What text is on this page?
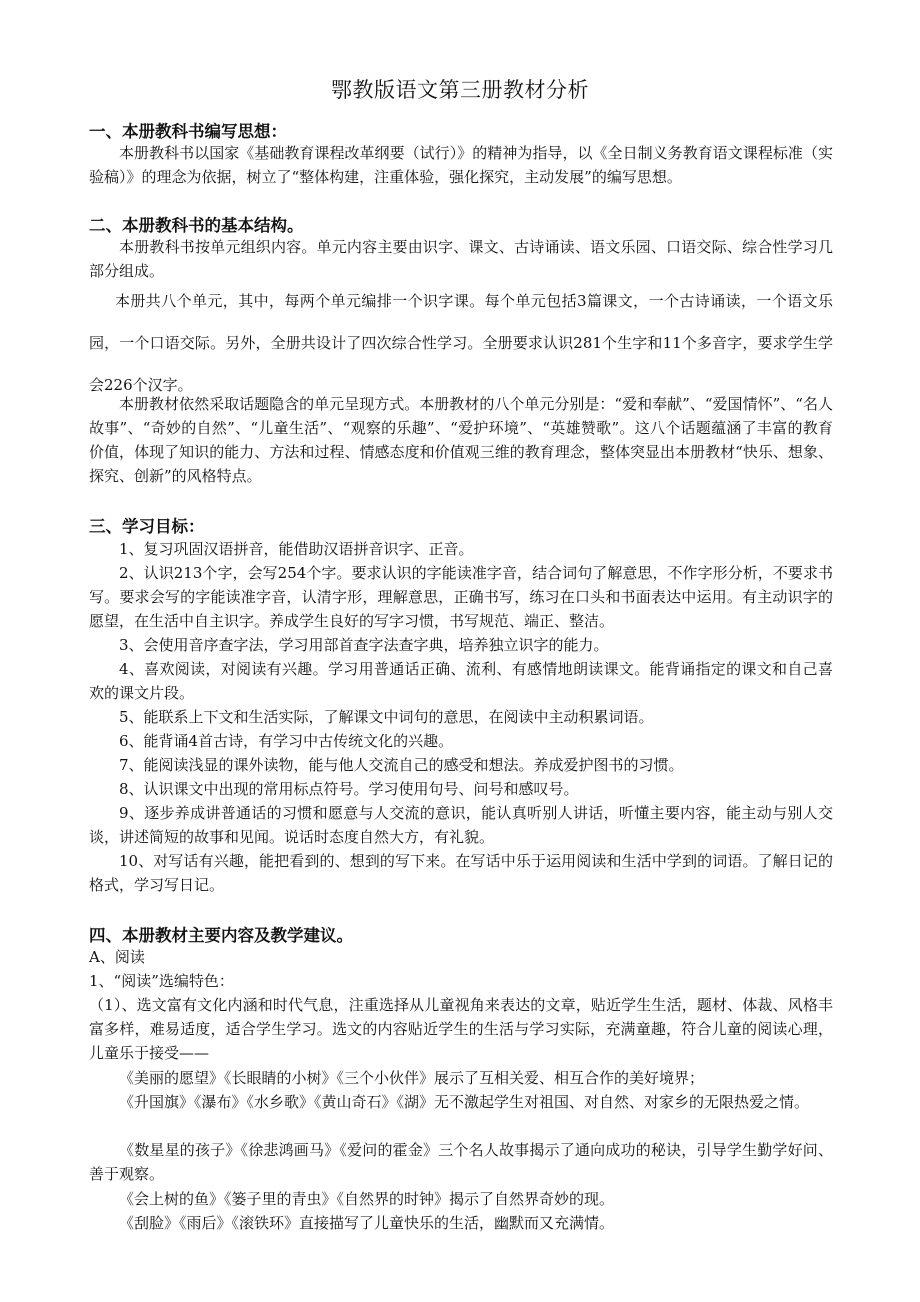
鄂教版语文第三册教材分析
一、本册教科书编写思想：
本册教科书以国家《基础教育课程改革纲要（试行）》的精神为指导，以《全日制义务教育语文课程标准（实验稿）》的理念为依据，树立了“整体构建，注重体验，强化探究，主动发展”的编写思想。
二、本册教科书的基本结构。
本册教科书按单元组织内容。单元内容主要由识字、课文、古诗诵读、语文乐园、口语交际、综合性学习几部分组成。
本册共八个单元，其中，每两个单元编排一个识字课。每个单元包括3篇课文，一个古诗诵读，一个语文乐园，一个口语交际。另外，全册共设计了四次综合性学习。全册要求认识281个生字和11个多音字，要求学生学会226个汉字。
本册教材依然采取话题隐含的单元呈现方式。本册教材的八个单元分别是：“爱和奉献”、“爱国情怀”、“名人故事”、“奇妙的自然”、“儿童生活”、“观察的乐趣”、“爱护环境”、“英雄赞歌”。这八个话题蕴涵了丰富的教育价值，体现了知识的能力、方法和过程、情感态度和价值观三维的教育理念，整体突显出本册教材“快乐、想象、探究、创新”的风格特点。
三、学习目标：
1、复习巩固汉语拼音，能借助汉语拼音识字、正音。
2、认识213个字，会写254个字。要求认识的字能读准字音，结合词句了解意思，不作字形分析，不要求书写。要求会写的字能读准字音，认清字形，理解意思，正确书写，练习在口头和书面表达中运用。有主动识字的愿望，在生活中自主识字。养成学生良好的写字习惯，书写规范、端正、整洁。
3、会使用音序查字法，学习用部首查字法查字典，培养独立识字的能力。
4、喜欢阅读，对阅读有兴趣。学习用普通话正确、流利、有感情地朗读课文。能背诵指定的课文和自己喜欢的课文片段。
5、能联系上下文和生活实际，了解课文中词句的意思，在阅读中主动积累词语。
6、能背诵4首古诗，有学习中古传统文化的兴趣。
7、能阅读浅显的课外读物，能与他人交流自己的感受和想法。养成爱护图书的习惯。
8、认识课文中出现的常用标点符号。学习使用句号、问号和感叹号。
9、逐步养成讲普通话的习惯和愿意与人交流的意识，能认真听别人讲话，听懂主要内容，能主动与别人交谈，讲述简短的故事和见闻。说话时态度自然大方，有礼貌。
10、对写话有兴趣，能把看到的、想到的写下来。在写话中乐于运用阅读和生活中学到的词语。了解日记的格式，学习写日记。
四、本册教材主要内容及教学建议。
A、阅读
1、“阅读”选编特色：
（1）、选文富有文化内涵和时代气息，注重选择从儿童视角来表达的文章，贴近学生生活，题材、体裁、风格丰富多样，难易适度，适合学生学习。选文的内容贴近学生的生活与学习实际，充满童趣，符合儿童的阅读心理，儿童乐于接受——
《美丽的愿望》《长眼睛的小树》《三个小伙伴》展示了互相关爱、相互合作的美好境界；
《升国旗》《瀑布》《水乡歌》《黄山奇石》《湖》无不激起学生对祖国、对自然、对家乡的无限热爱之情。
《数星星的孩子》《徐悲鸿画马》《爱问的霍金》三个名人故事揭示了通向成功的秘诀，引导学生勤学好问、善于观察。
《会上树的鱼》《篓子里的青虫》《自然界的时钟》揭示了自然界奇妙的现。
《刮脸》《雨后》《滚铁环》直接描写了儿童快乐的生活，幽默而又充满情。
